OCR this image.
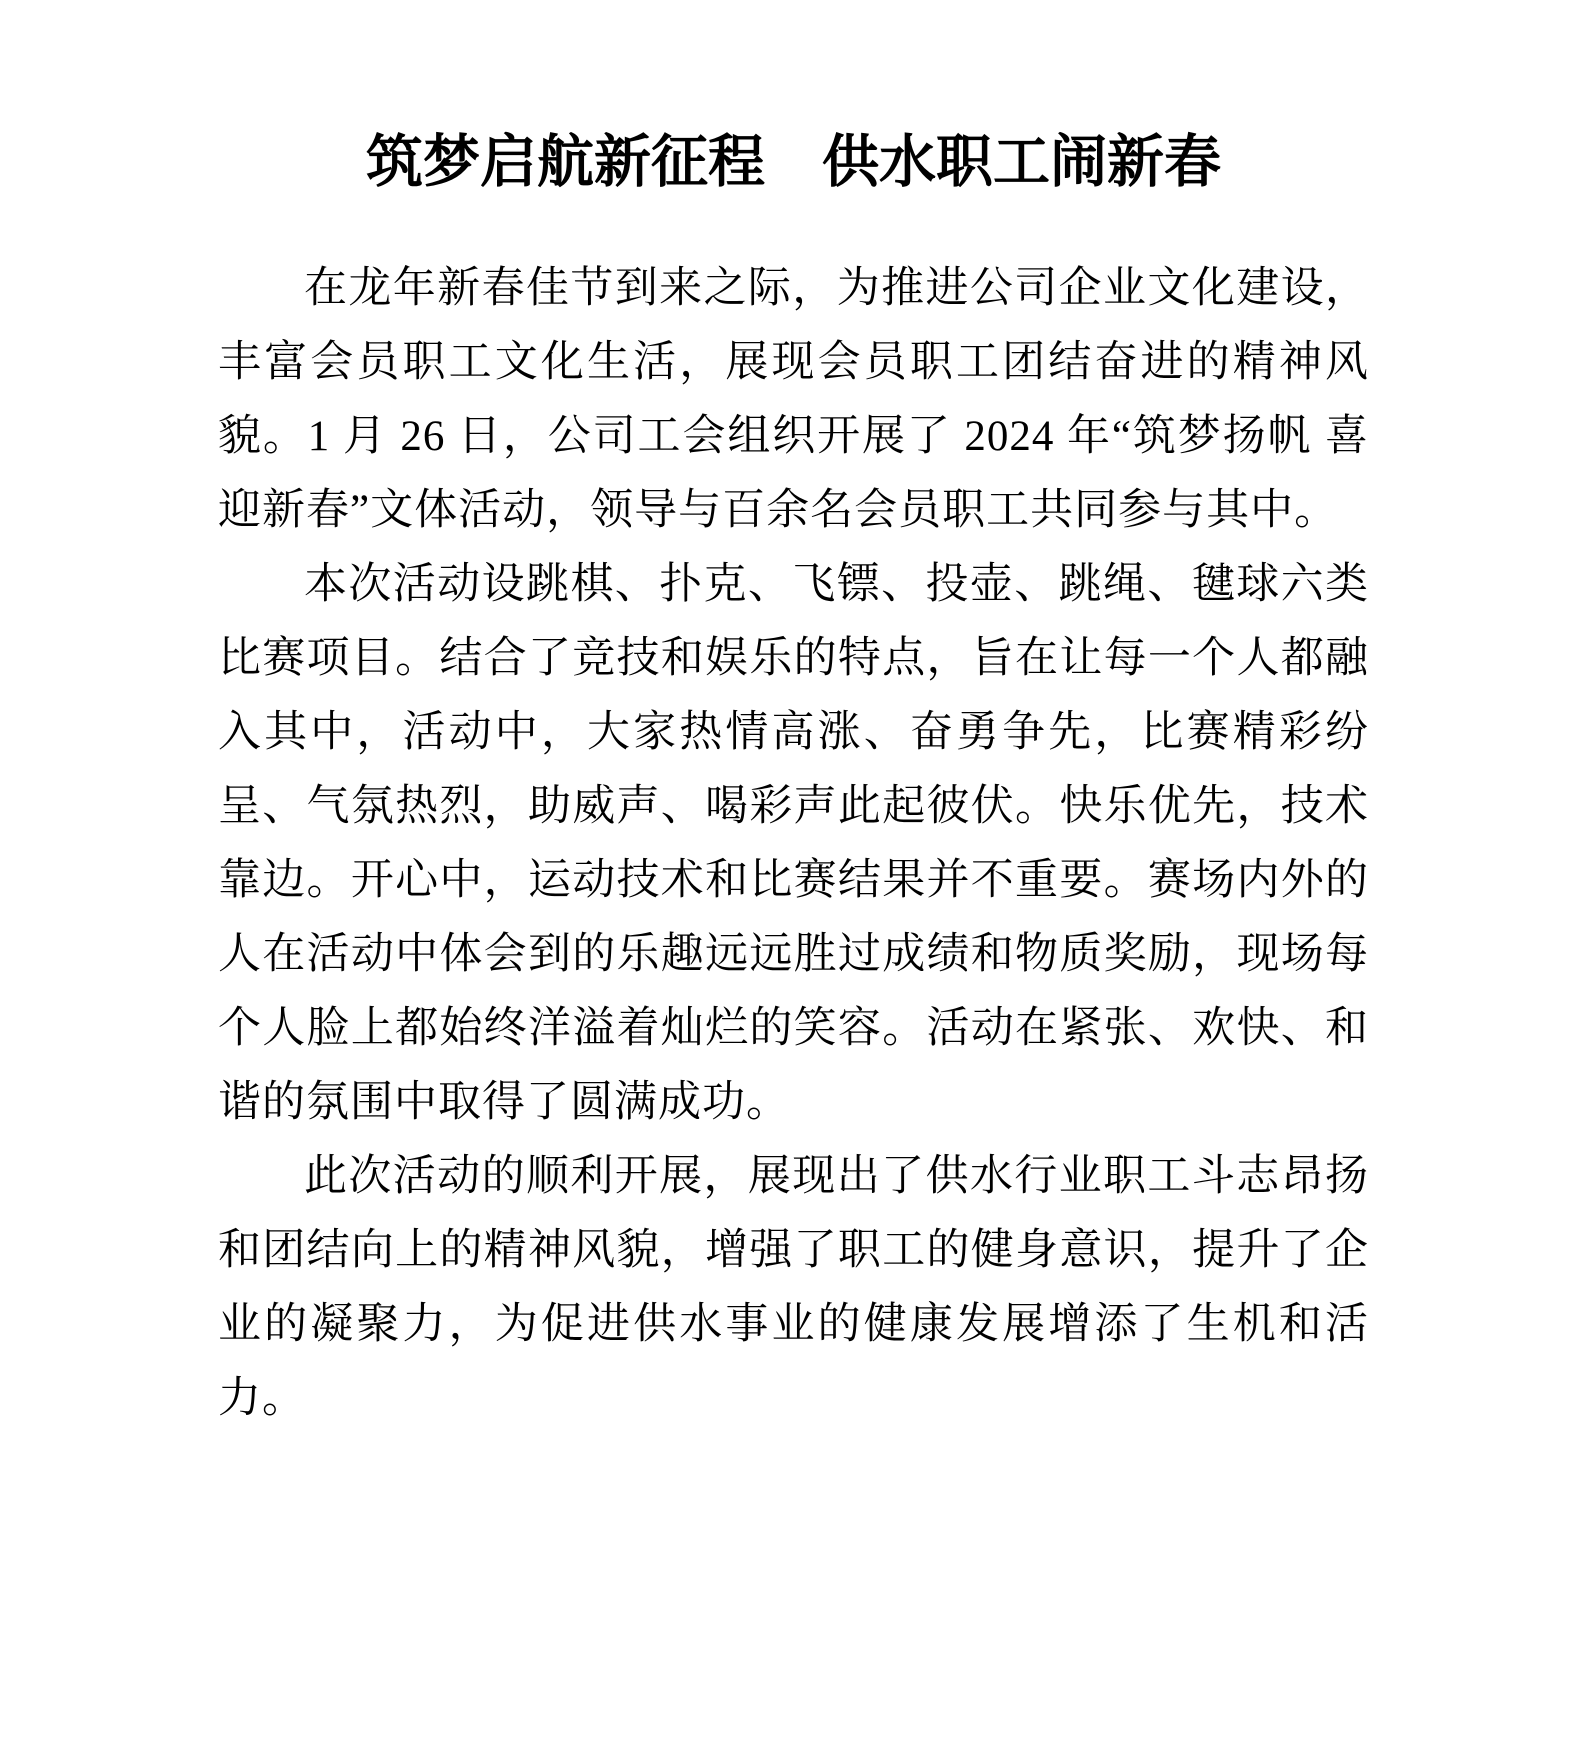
筑梦启航新征程　供水职工闹新春

在龙年新春佳节到来之际，为推进公司企业文化建设，丰富会员职工文化生活，展现会员职工团结奋进的精神风貌。1 月 26 日，公司工会组织开展了 2024 年“筑梦扬帆 喜迎新春”文体活动，领导与百余名会员职工共同参与其中。

本次活动设跳棋、扑克、飞镖、投壶、跳绳、毽球六类比赛项目。结合了竞技和娱乐的特点，旨在让每一个人都融入其中，活动中，大家热情高涨、奋勇争先，比赛精彩纷呈、气氛热烈，助威声、喝彩声此起彼伏。快乐优先，技术靠边。开心中，运动技术和比赛结果并不重要。赛场内外的人在活动中体会到的乐趣远远胜过成绩和物质奖励，现场每个人脸上都始终洋溢着灿烂的笑容。活动在紧张、欢快、和谐的氛围中取得了圆满成功。

此次活动的顺利开展，展现出了供水行业职工斗志昂扬和团结向上的精神风貌，增强了职工的健身意识，提升了企业的凝聚力，为促进供水事业的健康发展增添了生机和活力。
